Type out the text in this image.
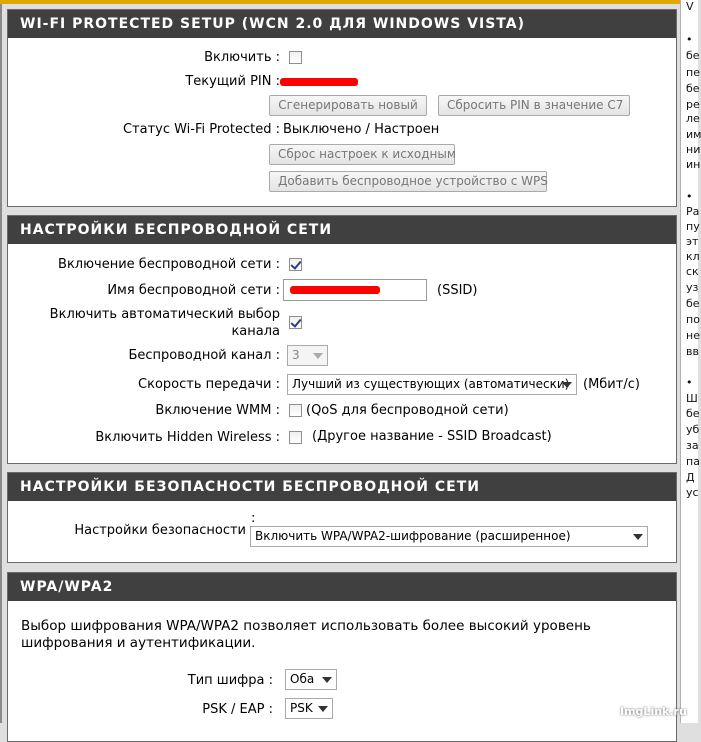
WI-FI PROTECTED SETUP (WCN 2.0 ДЛЯ WINDOWS VISTA)
Включить :
Текущий PIN :
Сгенерировать новый	Сбросить PIN в значение C7
Статус Wi-Fi Protected : Выключено / Настроен
Сброс настроек к исходным
Добавить беспроводное устройство с WPS
НАСТРОЙКИ БЕСПРОВОДНОЙ СЕТИ
Включение беспроводной сети :
Имя беспроводной сети :	(SSID)
Включить автоматический выбор
канала
Беспроводной канал :	3
Скорость передачи :	Лучший из существующих (автоматически)	(Мбит/с)
Включение WMM : (QoS для беспроводной сети)
Включить Hidden Wireless : (Другое название - SSID Broadcast)
НАСТРОЙКИ БЕЗОПАСНОСТИ БЕСПРОВОДНОЙ СЕТИ
Настройки безопасности
:
Включить WPA/WPA2-шифрование (расширенное)
WPA/WPA2
Выбор шифрования WPA/WPA2 позволяет использовать более высокий уровень шифрования и аутентификации.
Тип шифра :	Оба
PSK / EAP :	PSK
V
•
бе
пе
бе
ре
ле
им
ни
ин
•
Ра
пу
эт
кл
ск
уз
бе
по
не
вв
•
Ш
бе
уб
за
па
Д
ус
ImgLink.ru
